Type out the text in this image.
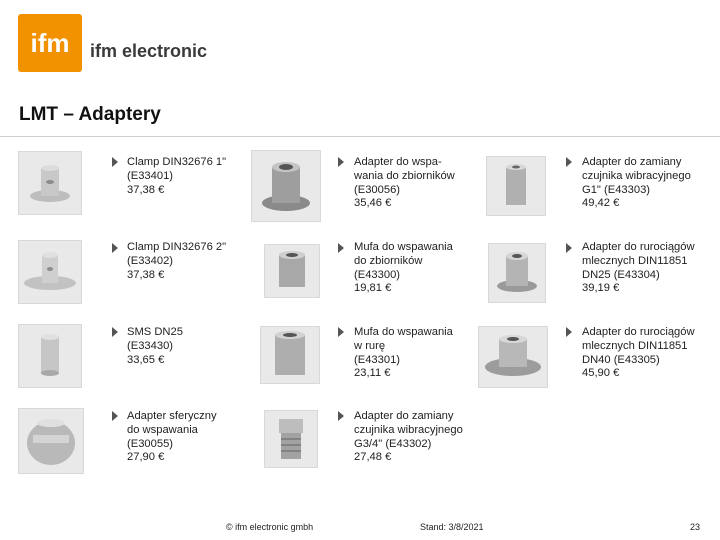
ifm ifm electronic
LMT – Adaptery
Clamp DIN32676 1"
(E33401)
37,38 €
Adapter do wspa-
wania do zbiorników
(E30056)
35,46 €
Adapter do zamiany
czujnika wibracyjnego
G1" (E43303)
49,42 €
Clamp DIN32676 2"
(E33402)
37,38 €
Mufa do wspawania
do zbiorników
(E43300)
19,81 €
Adapter do rurociągów
mlecznych DIN11851
DN25 (E43304)
39,19 €
SMS DN25
(E33430)
33,65 €
Mufa do wspawania
w rurę
(E43301)
23,11 €
Adapter do rurociągów
mlecznych DIN11851
DN40 (E43305)
45,90 €
Adapter sferyczny
do wspawania
(E30055)
27,90 €
Adapter do zamiany
czujnika wibracyjnego
G3/4" (E43302)
27,48 €
© ifm electronic gmbh	Stand: 3/8/2021	23
